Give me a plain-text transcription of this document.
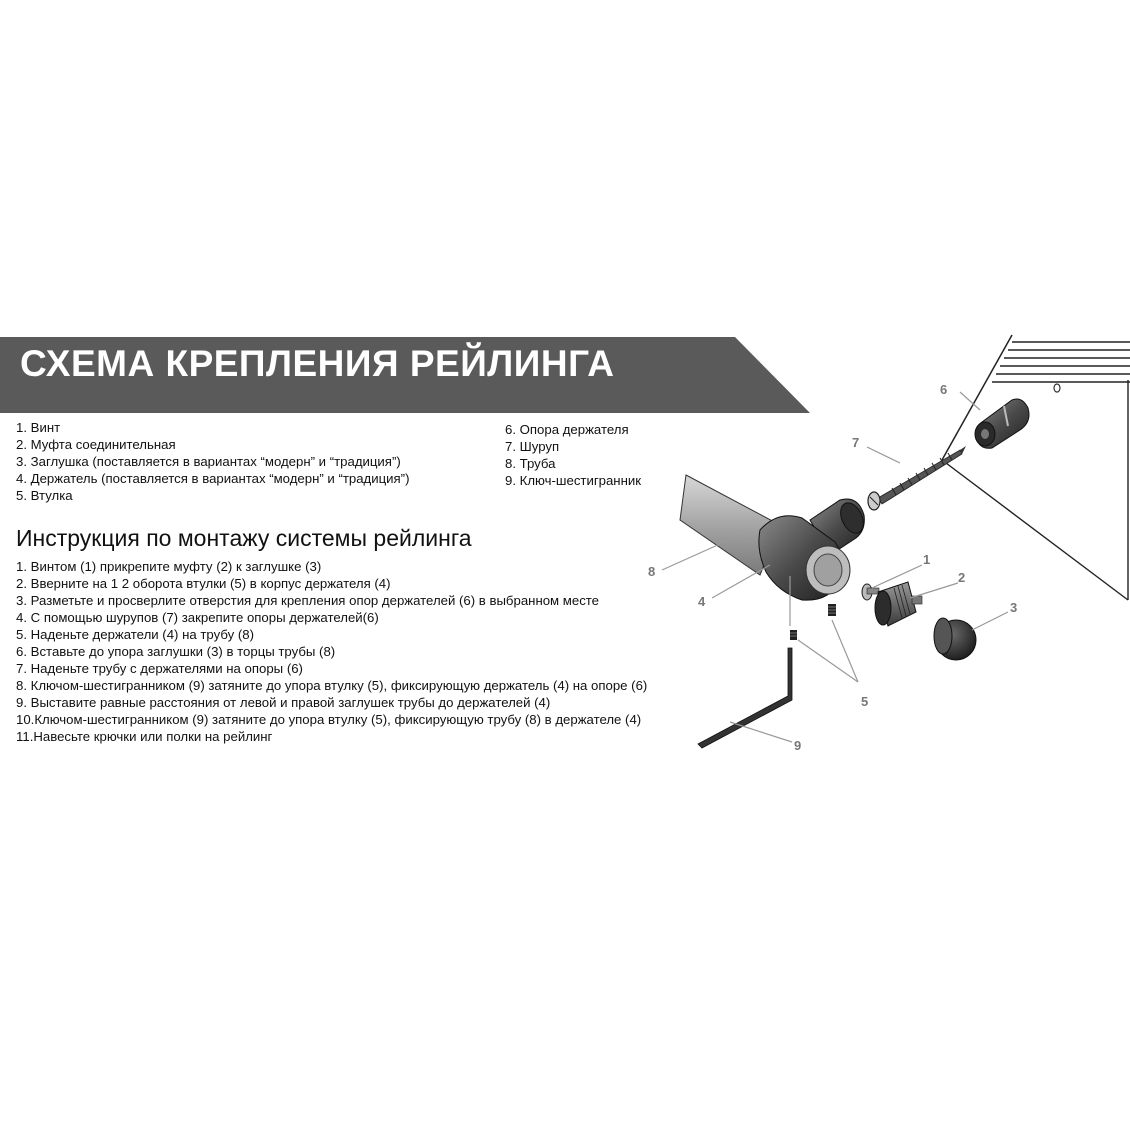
СХЕМА КРЕПЛЕНИЯ РЕЙЛИНГА
1. Винт
2. Муфта соединительная
3. Заглушка (поставляется в вариантах “модерн” и “традиция”)
4. Держатель (поставляется в вариантах “модерн” и “традиция”)
5. Втулка
6. Опора держателя
7. Шуруп
8. Труба
9. Ключ-шестигранник
Инструкция по монтажу системы рейлинга
1. Винтом (1) прикрепите муфту (2) к заглушке (3)
2. Вверните на 1 2 оборота втулки (5) в корпус держателя (4)
3. Разметьте и просверлите отверстия для крепления опор держателей (6) в выбранном месте
4. С помощью шурупов (7) закрепите опоры держателей(6)
5. Наденьте держатели (4) на трубу (8)
6. Вставьте до упора заглушки (3) в торцы трубы (8)
7. Наденьте трубу с держателями на опоры (6)
8. Ключом-шестигранником (9) затяните до упора втулку (5), фиксирующую держатель (4) на опоре (6)
9. Выставите равные расстояния от левой и правой заглушек трубы до держателей (4)
10.Ключом-шестигранником (9) затяните до упора втулку (5), фиксирующую трубу (8) в держателе (4)
11.Навесьте крючки или полки на рейлинг
6
7
8
4
1
2
3
5
9
